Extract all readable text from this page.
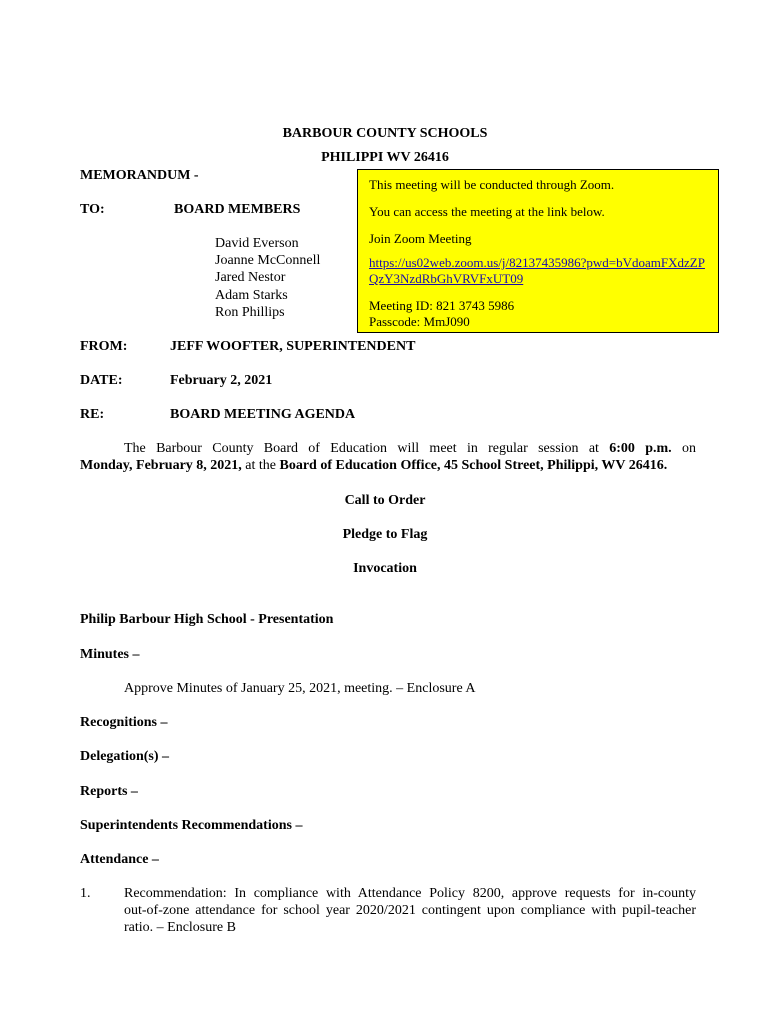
BARBOUR COUNTY SCHOOLS
PHILIPPI WV 26416
MEMORANDUM -
TO:	BOARD MEMBERS
David Everson
Joanne McConnell
Jared Nestor
Adam Starks
Ron Phillips
This meeting will be conducted through Zoom.
You can access the meeting at the link below.
Join Zoom Meeting
https://us02web.zoom.us/j/82137435986?pwd=bVdoamFXdzZP
QzY3NzdRbGhVRVFxUT09
Meeting ID: 821 3743 5986
Passcode: MmJ090
FROM:	JEFF WOOFTER, SUPERINTENDENT
DATE:	February 2, 2021
RE:	BOARD MEETING AGENDA
The Barbour County Board of Education will meet in regular session at 6:00 p.m. on
Monday, February 8, 2021, at the Board of Education Office, 45 School Street, Philippi, WV 26416.
Call to Order
Pledge to Flag
Invocation
Philip Barbour High School - Presentation
Minutes –
Approve Minutes of January 25, 2021, meeting. – Enclosure A
Recognitions –
Delegation(s) –
Reports –
Superintendents Recommendations –
Attendance –
1. Recommendation: In compliance with Attendance Policy 8200, approve requests for in-county
out-of-zone attendance for school year 2020/2021 contingent upon compliance with pupil-teacher
ratio. – Enclosure B
